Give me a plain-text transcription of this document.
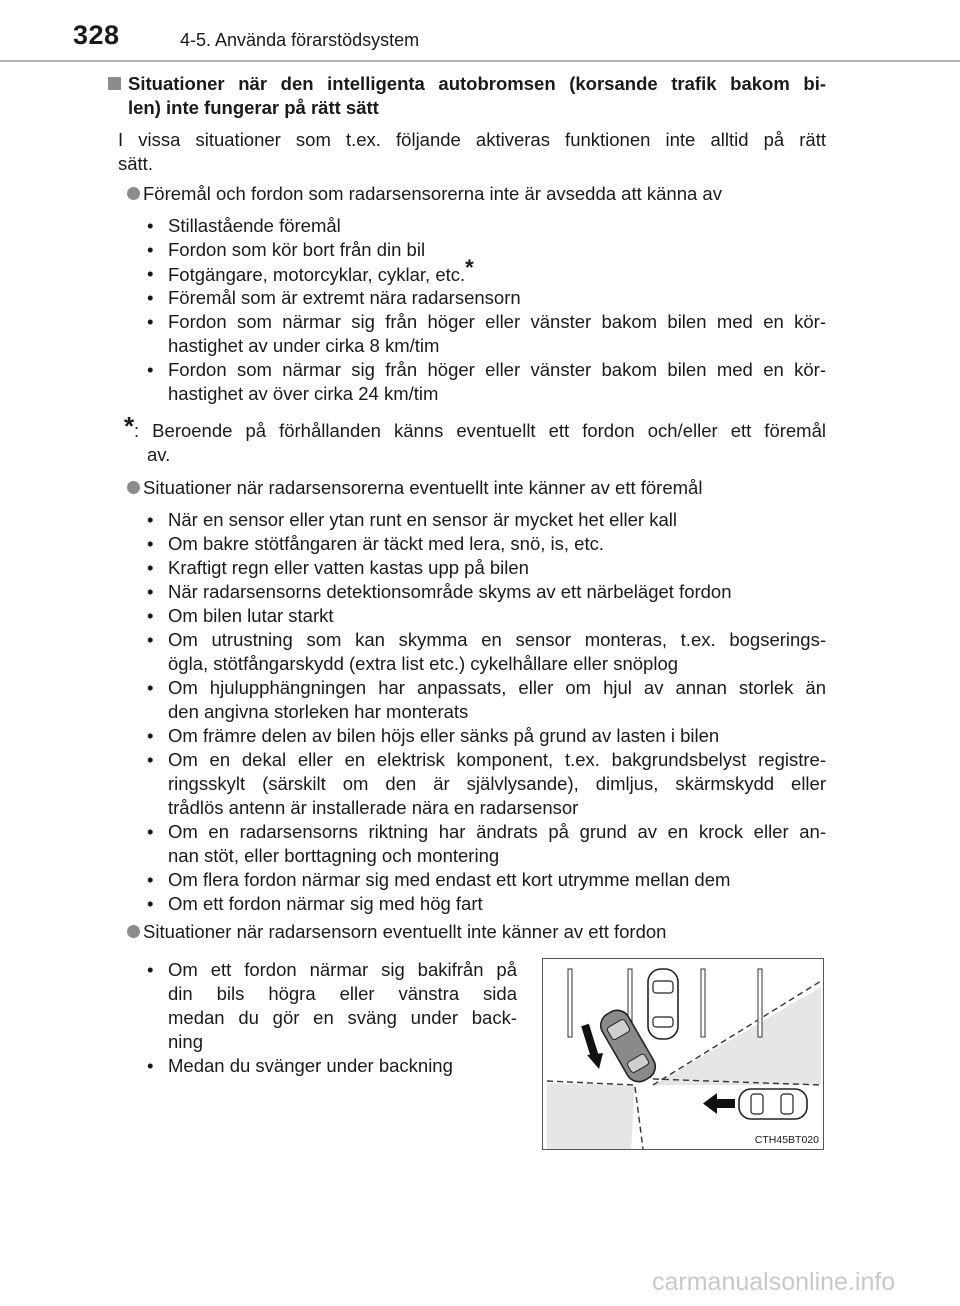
328	4-5. Använda förarstödsystem
Situationer när den intelligenta autobromsen (korsande trafik bakom bi-
len) inte fungerar på rätt sätt
I vissa situationer som t.ex. följande aktiveras funktionen inte alltid på rätt
sätt.
Föremål och fordon som radarsensorerna inte är avsedda att känna av
• Stillastående föremål
• Fordon som kör bort från din bil
• Fotgängare, motorcyklar, cyklar, etc.*
• Föremål som är extremt nära radarsensorn
• Fordon som närmar sig från höger eller vänster bakom bilen med en kör-
hastighet av under cirka 8 km/tim
• Fordon som närmar sig från höger eller vänster bakom bilen med en kör-
hastighet av över cirka 24 km/tim
* : Beroende på förhållanden känns eventuellt ett fordon och/eller ett föremål
av.
Situationer när radarsensorerna eventuellt inte känner av ett föremål
• När en sensor eller ytan runt en sensor är mycket het eller kall
• Om bakre stötfångaren är täckt med lera, snö, is, etc.
• Kraftigt regn eller vatten kastas upp på bilen
• När radarsensorns detektionsområde skyms av ett närbeläget fordon
• Om bilen lutar starkt
• Om utrustning som kan skymma en sensor monteras, t.ex. bogserings-
ögla, stötfångarskydd (extra list etc.) cykelhållare eller snöplog
• Om hjulupphängningen har anpassats, eller om hjul av annan storlek än
den angivna storleken har monterats
• Om främre delen av bilen höjs eller sänks på grund av lasten i bilen
• Om en dekal eller en elektrisk komponent, t.ex. bakgrundsbelyst registre-
ringsskylt (särskilt om den är självlysande), dimljus, skärmskydd eller
trådlös antenn är installerade nära en radarsensor
• Om en radarsensorns riktning har ändrats på grund av en krock eller an-
nan stöt, eller borttagning och montering
• Om flera fordon närmar sig med endast ett kort utrymme mellan dem
• Om ett fordon närmar sig med hög fart
Situationer när radarsensorn eventuellt inte känner av ett fordon
• Om ett fordon närmar sig bakifrån på
din bils högra eller vänstra sida
medan du gör en sväng under back-
ning
• Medan du svänger under backning
CTH45BT020
carmanualsonline.info
